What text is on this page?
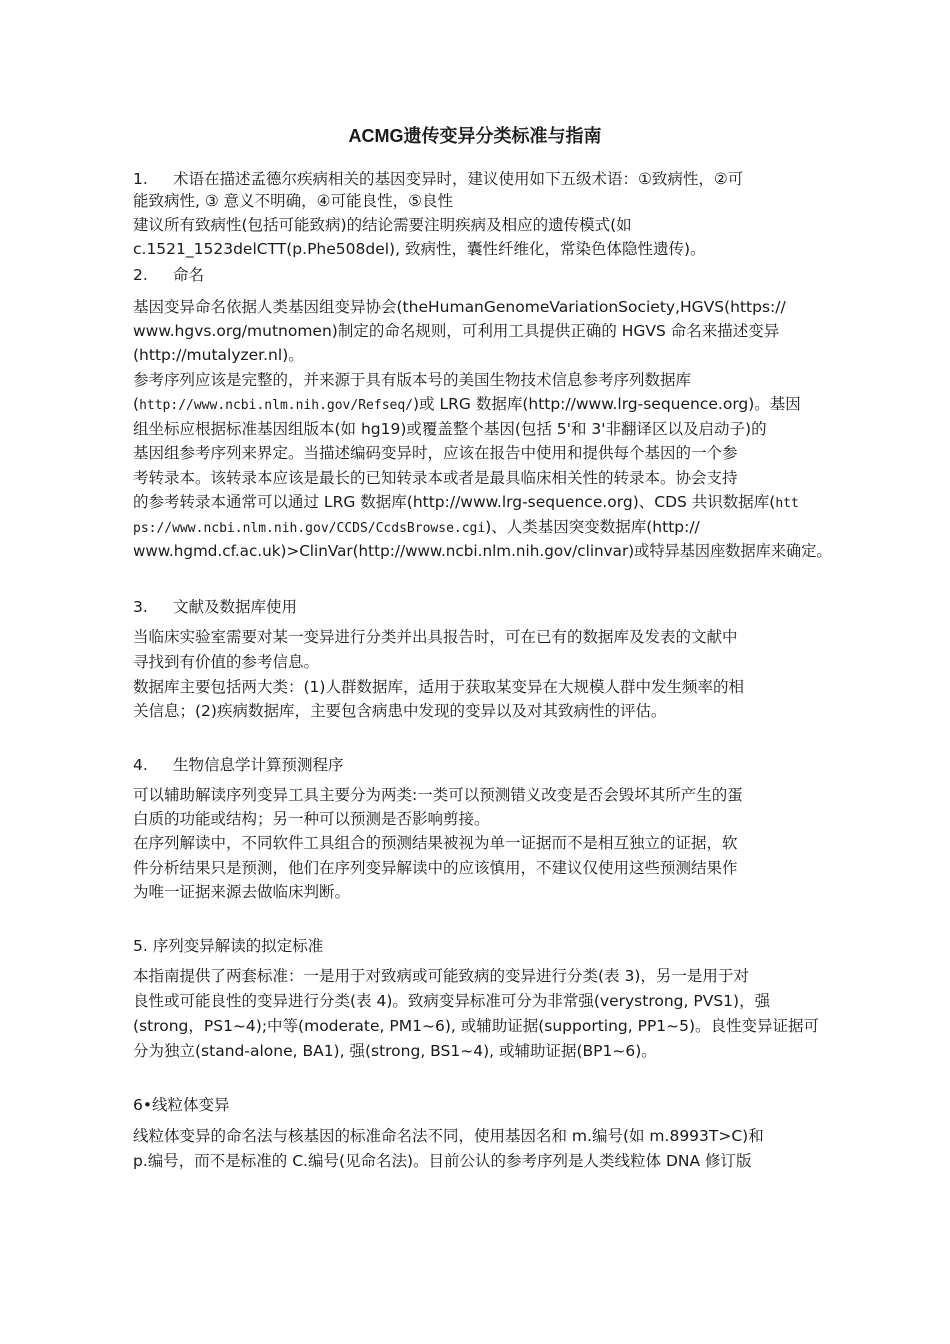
ACMG遗传变异分类标准与指南
1. 术语在描述孟德尔疾病相关的基因变异时，建议使用如下五级术语：①致病性，②可
能致病性, ③ 意义不明确，④可能良性，⑤良性
建议所有致病性(包括可能致病)的结论需要注明疾病及相应的遗传模式(如
c.1521_1523delCTT(p.Phe508del), 致病性，囊性纤维化，常染色体隐性遗传)。
2. 命名
基因变异命名依据人类基因组变异协会(theHumanGenomeVariationSociety,HGVS(https://
www.hgvs.org/mutnomen)制定的命名规则，可利用工具提供正确的 HGVS 命名来描述变异
(http://mutalyzer.nl)。
参考序列应该是完整的，并来源于具有版本号的美国生物技术信息参考序列数据库
(http://www.ncbi.nlm.nih.gov/Refseq/)或 LRG 数据库(http://www.lrg-sequence.org)。基因
组坐标应根据标准基因组版本(如 hg19)或覆盖整个基因(包括 5'和 3'非翻译区以及启动子)的
基因组参考序列来界定。当描述编码变异时，应该在报告中使用和提供每个基因的一个参
考转录本。该转录本应该是最长的已知转录本或者是最具临床相关性的转录本。协会支持
的参考转录本通常可以通过 LRG 数据库(http://www.lrg-sequence.org)、CDS 共识数据库(htt
ps://www.ncbi.nlm.nih.gov/CCDS/CcdsBrowse.cgi)、人类基因突变数据库(http://
www.hgmd.cf.ac.uk)>ClinVar(http://www.ncbi.nlm.nih.gov/clinvar)或特异基因座数据库来确定。
3. 文献及数据库使用
当临床实验室需要对某一变异进行分类并出具报告时，可在已有的数据库及发表的文献中
寻找到有价值的参考信息。
数据库主要包括两大类：(1)人群数据库，适用于获取某变异在大规模人群中发生频率的相
关信息；(2)疾病数据库，主要包含病患中发现的变异以及对其致病性的评估。
4. 生物信息学计算预测程序
可以辅助解读序列变异工具主要分为两类:一类可以预测错义改变是否会毁坏其所产生的蛋
白质的功能或结构；另一种可以预测是否影响剪接。
在序列解读中，不同软件工具组合的预测结果被视为单一证据而不是相互独立的证据，软
件分析结果只是预测，他们在序列变异解读中的应该慎用，不建议仅使用这些预测结果作
为唯一证据来源去做临床判断。
5. 序列变异解读的拟定标准
本指南提供了两套标准：一是用于对致病或可能致病的变异进行分类(表 3)，另一是用于对
良性或可能良性的变异进行分类(表 4)。致病变异标准可分为非常强(verystrong, PVS1)，强
(strong，PS1~4);中等(moderate, PM1~6), 或辅助证据(supporting, PP1~5)。良性变异证据可
分为独立(stand-alone, BA1), 强(strong, BS1~4), 或辅助证据(BP1~6)。
6•线粒体变异
线粒体变异的命名法与核基因的标准命名法不同，使用基因名和 m.编号(如 m.8993T>C)和
p.编号，而不是标准的 C.编号(见命名法)。目前公认的参考序列是人类线粒体 DNA 修订版
